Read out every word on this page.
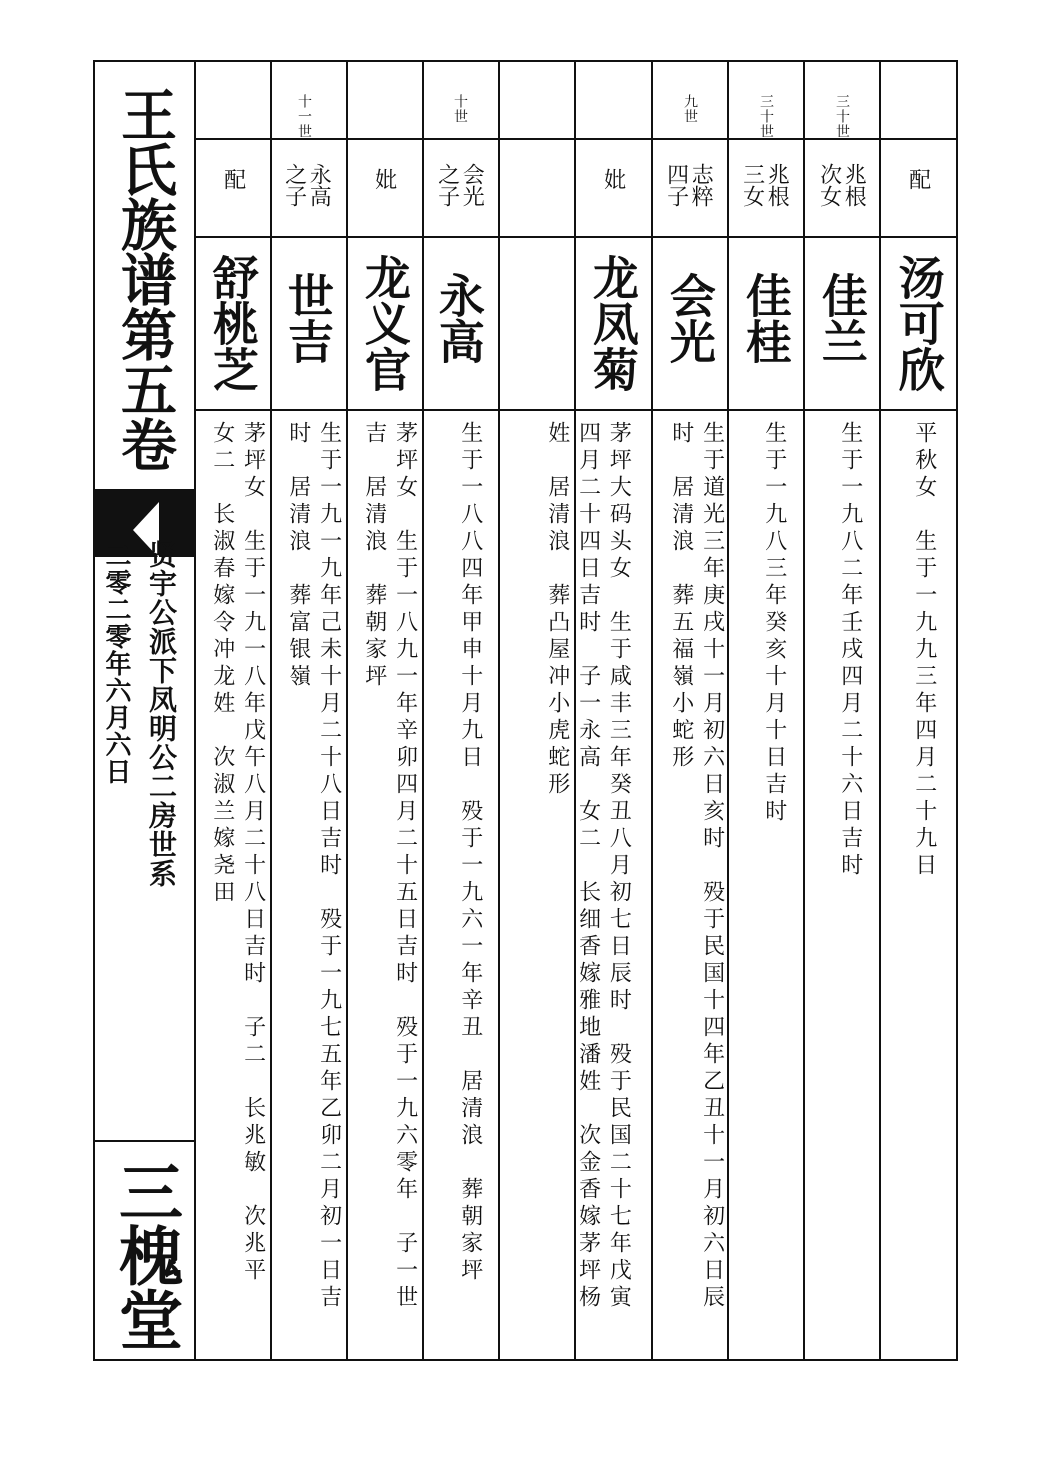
王氏族谱第五卷
贤宇公派下凤明公二房世系
二零二零年六月六日
三槐堂
配
汤可欣
平秋女　生于一九九三年四月二十九日
三十世
兆根
次女
佳兰
生于一九八二年壬戌四月二十六日吉时
三十世
兆根
三女
佳桂
生于一九八三年癸亥十月十日吉时
九世
志粹
四子
会光
生于道光三年庚戌十一月初六日亥时　殁于民国十四年乙丑十一月初六日辰
时　居清浪　葬五福嶺小蛇形
妣
龙凤菊
茅坪大码头女　生于咸丰三年癸丑八月初七日辰时　殁于民国二十七年戊寅
四月二十四日吉时　子一永高　女二　长细香嫁雅地潘姓　次金香嫁茅坪杨
姓　居清浪　葬凸屋冲小虎蛇形
十世
会光
之子
永高
生于一八八四年甲申十月九日　殁于一九六一年辛丑　居清浪　葬朝家坪
妣
龙义官
茅坪女　生于一八九一年辛卯四月二十五日吉时　殁于一九六零年　子一世
吉　居清浪　葬朝家坪
十一世
永高
之子
世吉
生于一九一九年己未十月二十八日吉时　殁于一九七五年乙卯二月初一日吉
时　居清浪　葬富银嶺
配
舒桃芝
茅坪女　生于一九一八年戊午八月二十八日吉时　子二　长兆敏　次兆平
女二　长淑春嫁令冲龙姓　次淑兰嫁尧田
